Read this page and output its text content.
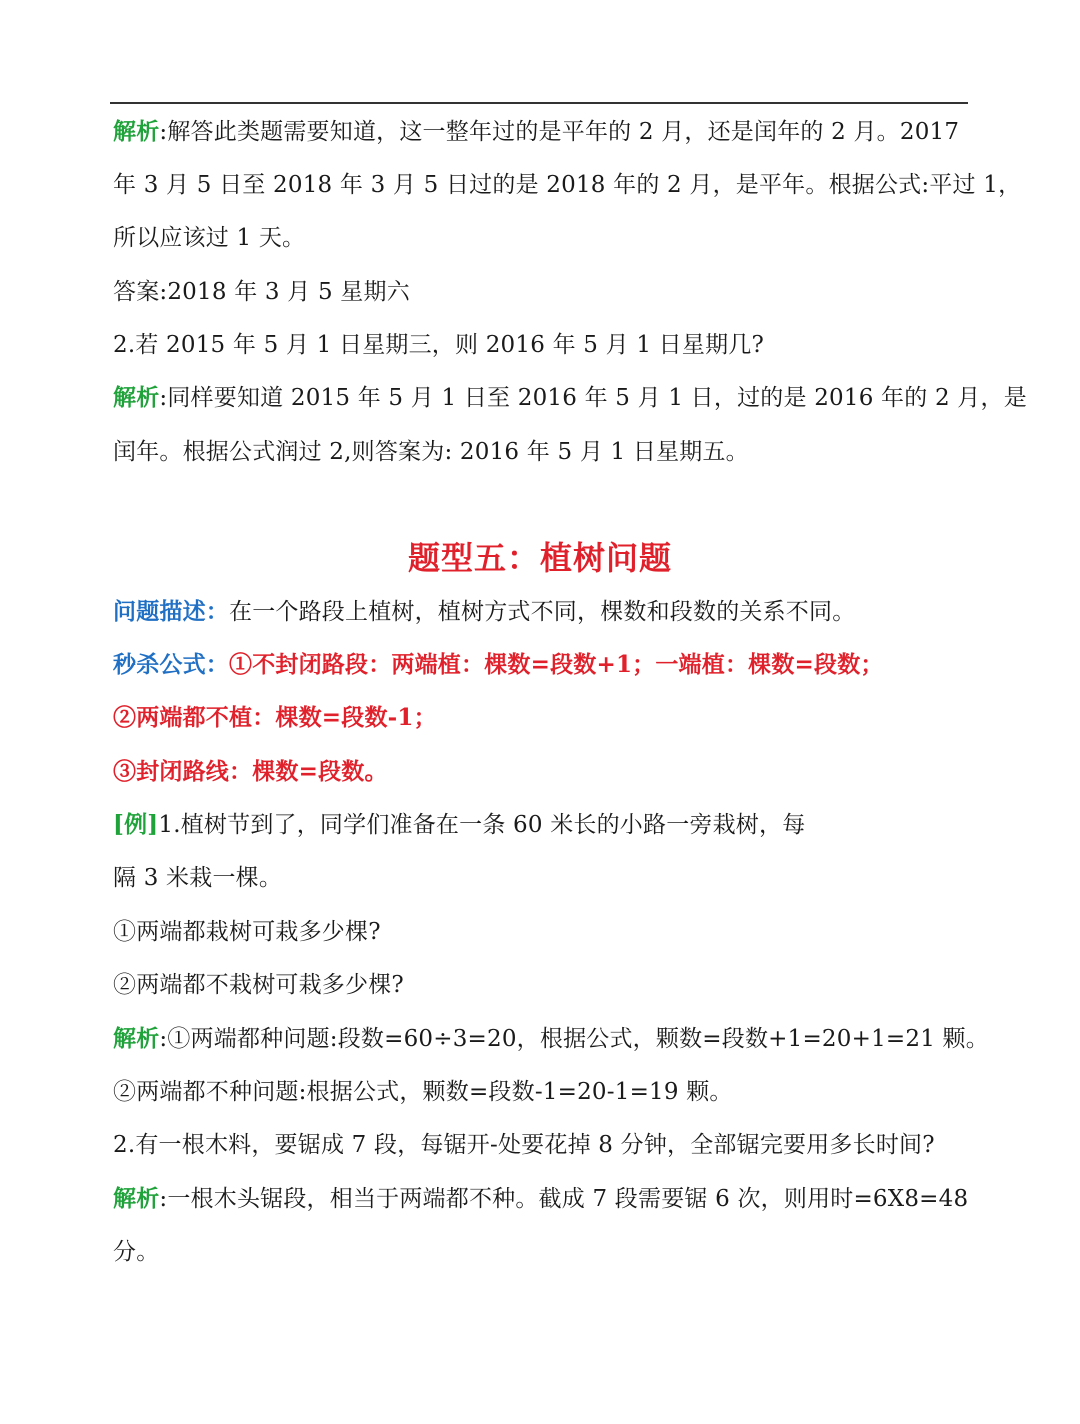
解析:解答此类题需要知道，这一整年过的是平年的 2 月，还是闰年的 2 月。2017
年 3 月 5 日至 2018 年 3 月 5 日过的是 2018 年的 2 月，是平年。根据公式:平过 1，
所以应该过 1 天。
答案:2018 年 3 月 5 星期六
2.若 2015 年 5 月 1 日星期三，则 2016 年 5 月 1 日星期几?
解析:同样要知道 2015 年 5 月 1 日至 2016 年 5 月 1 日，过的是 2016 年的 2 月，是
闰年。根据公式润过 2,则答案为: 2016 年 5 月 1 日星期五。
题型五：植树问题
问题描述：在一个路段上植树，植树方式不同，棵数和段数的关系不同。
秒杀公式：①不封闭路段：两端植：棵数=段数+1；一端植：棵数=段数；
②两端都不植：棵数=段数-1；
③封闭路线：棵数=段数。
[例]1.植树节到了，同学们准备在一条 60 米长的小路一旁栽树，每
隔 3 米栽一棵。
①两端都栽树可栽多少棵?
②两端都不栽树可栽多少棵?
解析:①两端都种问题:段数=60÷3=20，根据公式，颗数=段数+1=20+1=21 颗。
②两端都不种问题:根据公式，颗数=段数-1=20-1=19 颗。
2.有一根木料，要锯成 7 段，每锯开-处要花掉 8 分钟，全部锯完要用多长时间?
解析:一根木头锯段，相当于两端都不种。截成 7 段需要锯 6 次，则用时=6X8=48
分。
